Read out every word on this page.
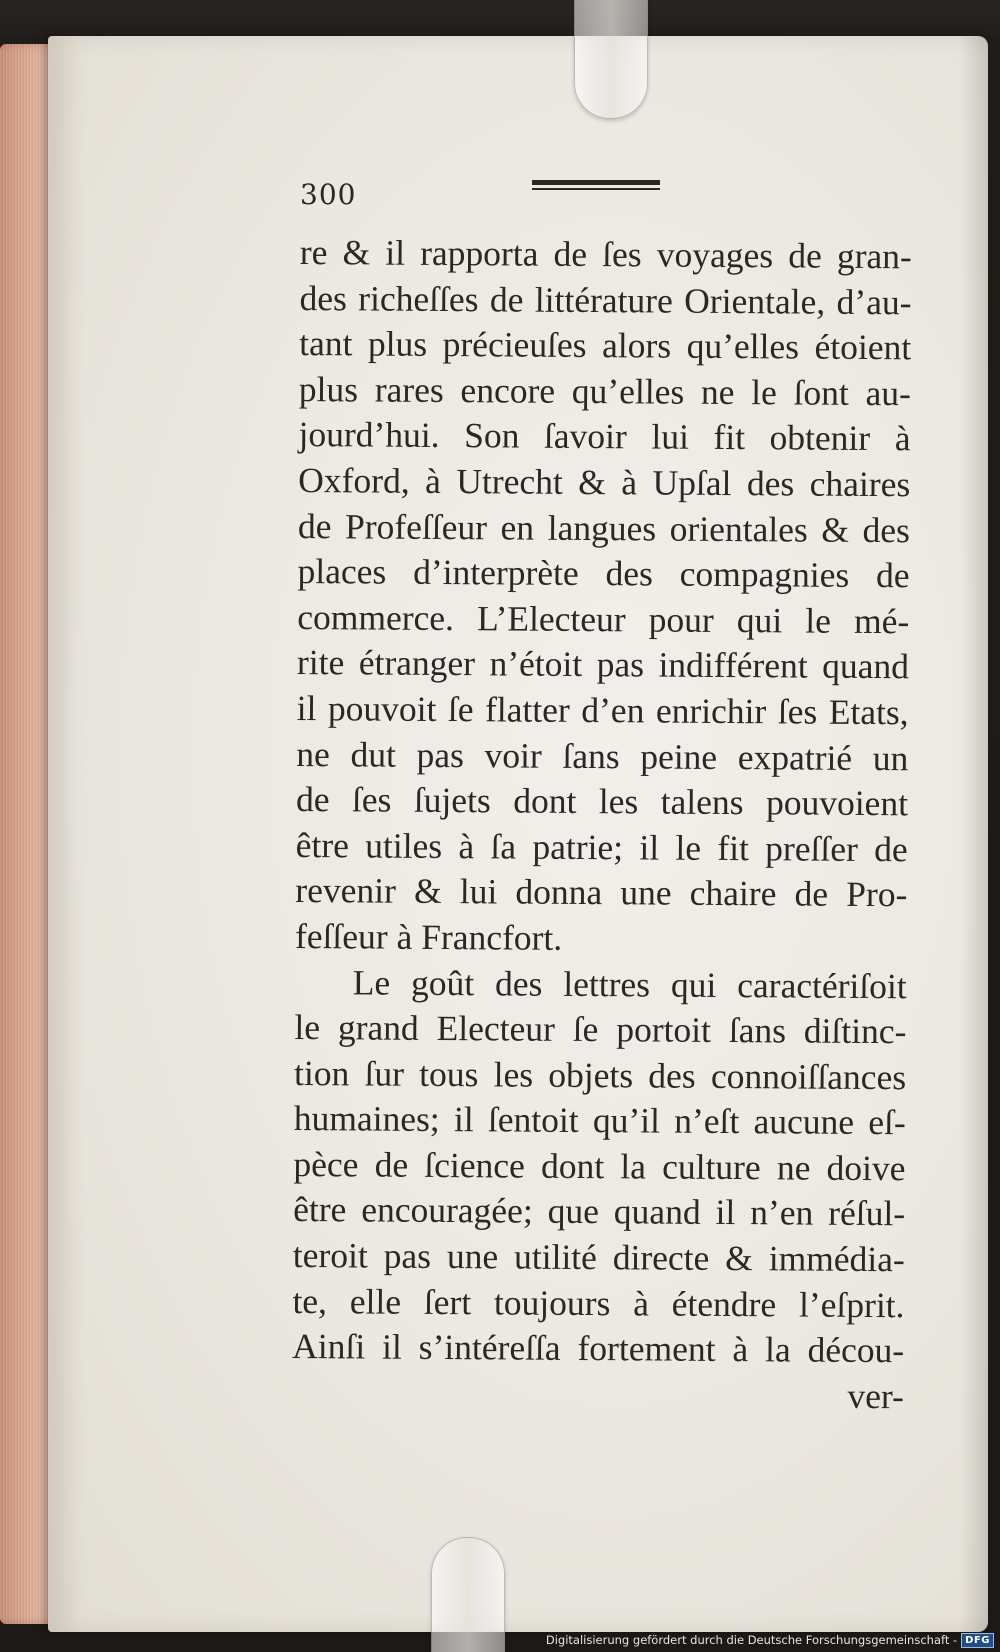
300
re & il rapporta de ſes voyages de gran-
des richeſſes de littérature Orientale, d’au-
tant plus précieuſes alors qu’elles étoient
plus rares encore qu’elles ne le ſont au-
jourd’hui. Son ſavoir lui fit obtenir à
Oxford, à Utrecht & à Upſal des chaires
de Profeſſeur en langues orientales & des
places d’interprète des compagnies de
commerce. L’Electeur pour qui le mé-
rite étranger n’étoit pas indifférent quand
il pouvoit ſe flatter d’en enrichir ſes Etats,
ne dut pas voir ſans peine expatrié un
de ſes ſujets dont les talens pouvoient
être utiles à ſa patrie; il le fit preſſer de
revenir & lui donna une chaire de Pro-
feſſeur à Francfort.
Le goût des lettres qui caractériſoit
le grand Electeur ſe portoit ſans diſtinc-
tion ſur tous les objets des connoiſſances
humaines; il ſentoit qu’il n’eſt aucune eſ-
pèce de ſcience dont la culture ne doive
être encouragée; que quand il n’en réſul-
teroit pas une utilité directe & immédia-
te, elle ſert toujours à étendre l’eſprit.
Ainſi il s’intéreſſa fortement à la décou-
ver-
Digitalisierung gefördert durch die Deutsche Forschungsgemeinschaft - DFG
